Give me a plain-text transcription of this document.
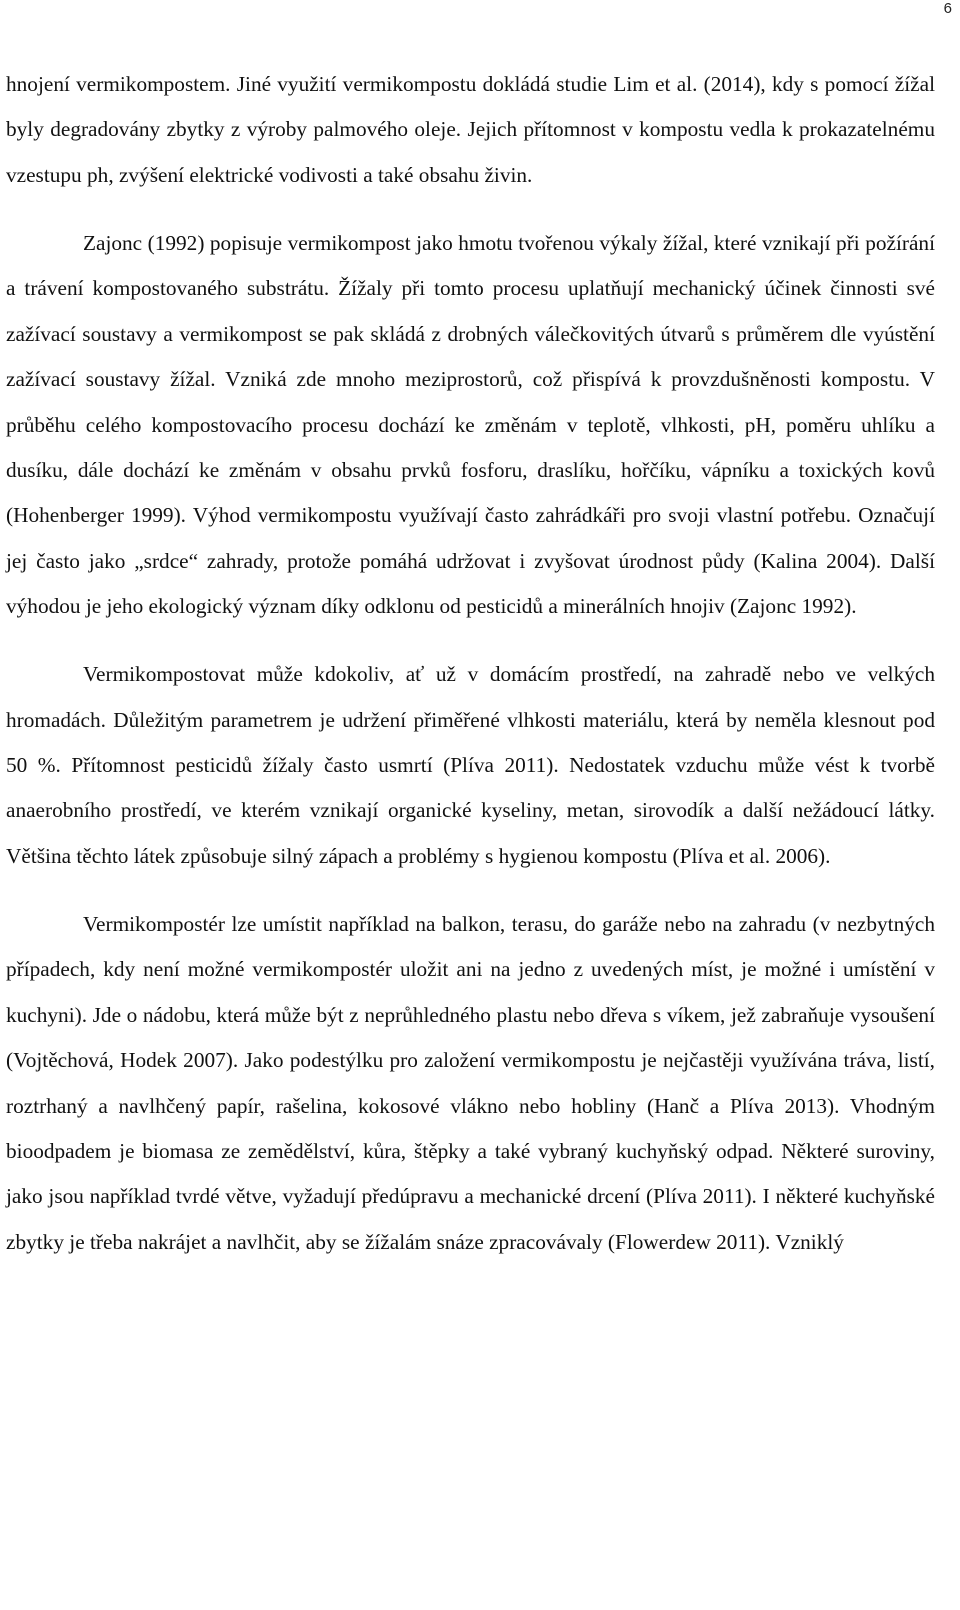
6

hnojení vermikompostem. Jiné využití vermikompostu dokládá studie Lim et al. (2014), kdy s pomocí žížal byly degradovány zbytky z výroby palmového oleje. Jejich přítomnost v kompostu vedla k prokazatelnému vzestupu ph, zvýšení elektrické vodivosti a také obsahu živin.

Zajonc (1992) popisuje vermikompost jako hmotu tvořenou výkaly žížal, které vznikají při požírání a trávení kompostovaného substrátu. Žížaly při tomto procesu uplatňují mechanický účinek činnosti své zažívací soustavy a vermikompost se pak skládá z drobných válečkovitých útvarů s průměrem dle vyústění zažívací soustavy žížal. Vzniká zde mnoho meziprostorů, což přispívá k provzdušněnosti kompostu. V průběhu celého kompostovacího procesu dochází ke změnám v teplotě, vlhkosti, pH, poměru uhlíku a dusíku, dále dochází ke změnám v obsahu prvků fosforu, draslíku, hořčíku, vápníku a toxických kovů (Hohenberger 1999). Výhod vermikompostu využívají často zahrádkáři pro svoji vlastní potřebu. Označují jej často jako „srdce“ zahrady, protože pomáhá udržovat i zvyšovat úrodnost půdy (Kalina 2004). Další výhodou je jeho ekologický význam díky odklonu od pesticidů a minerálních hnojiv (Zajonc 1992).

Vermikompostovat může kdokoliv, ať už v domácím prostředí, na zahradě nebo ve velkých hromadách. Důležitým parametrem je udržení přiměřené vlhkosti materiálu, která by neměla klesnout pod 50 %. Přítomnost pesticidů žížaly často usmrtí (Plíva 2011). Nedostatek vzduchu může vést k tvorbě anaerobního prostředí, ve kterém vznikají organické kyseliny, metan, sirovodík a další nežádoucí látky. Většina těchto látek způsobuje silný zápach a problémy s hygienou kompostu (Plíva et al. 2006).

Vermikompostér lze umístit například na balkon, terasu, do garáže nebo na zahradu (v nezbytných případech, kdy není možné vermikompostér uložit ani na jedno z uvedených míst, je možné i umístění v kuchyni). Jde o nádobu, která může být z neprůhledného plastu nebo dřeva s víkem, jež zabraňuje vysoušení (Vojtěchová, Hodek 2007). Jako podestýlku pro založení vermikompostu je nejčastěji využívána tráva, listí, roztrhaný a navlhčený papír, rašelina, kokosové vlákno nebo hobliny (Hanč a Plíva 2013). Vhodným bioodpadem je biomasa ze zemědělství, kůra, štěpky a také vybraný kuchyňský odpad. Některé suroviny, jako jsou například tvrdé větve, vyžadují předúpravu a mechanické drcení (Plíva 2011). I některé kuchyňské zbytky je třeba nakrájet a navlhčit, aby se žížalám snáze zpracovávaly (Flowerdew 2011). Vzniklý
